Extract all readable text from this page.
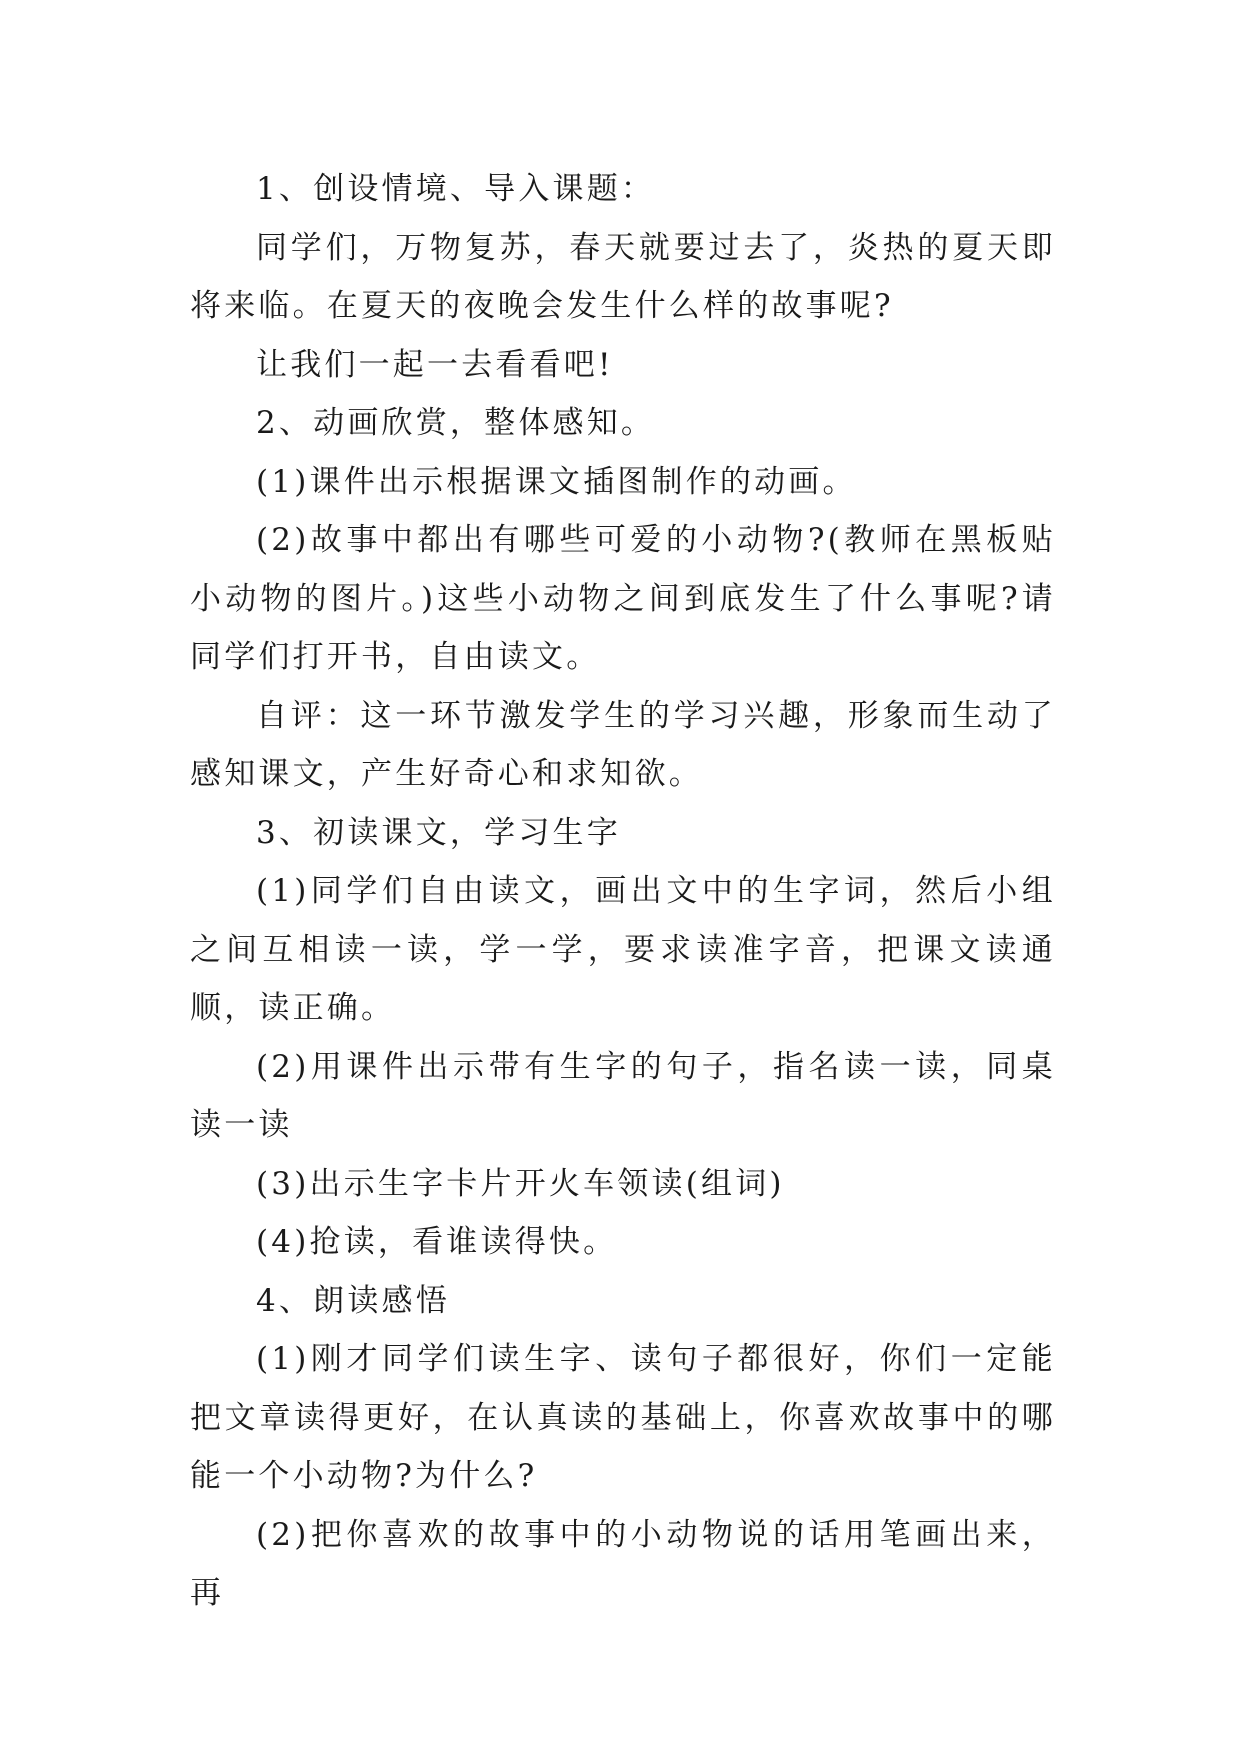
1、创设情境、导入课题：

同学们，万物复苏，春天就要过去了，炎热的夏天即将来临。在夏天的夜晚会发生什么样的故事呢?

让我们一起一去看看吧!

2、动画欣赏，整体感知。

(1)课件出示根据课文插图制作的动画。

(2)故事中都出有哪些可爱的小动物?(教师在黑板贴小动物的图片。)这些小动物之间到底发生了什么事呢?请同学们打开书，自由读文。

自评：这一环节激发学生的学习兴趣，形象而生动了感知课文，产生好奇心和求知欲。

3、初读课文，学习生字

(1)同学们自由读文，画出文中的生字词，然后小组之间互相读一读，学一学，要求读准字音，把课文读通顺，读正确。

(2)用课件出示带有生字的句子，指名读一读，同桌读一读

(3)出示生字卡片开火车领读(组词)

(4)抢读，看谁读得快。

4、朗读感悟

(1)刚才同学们读生字、读句子都很好，你们一定能把文章读得更好，在认真读的基础上，你喜欢故事中的哪能一个小动物?为什么?

(2)把你喜欢的故事中的小动物说的话用笔画出来，再
